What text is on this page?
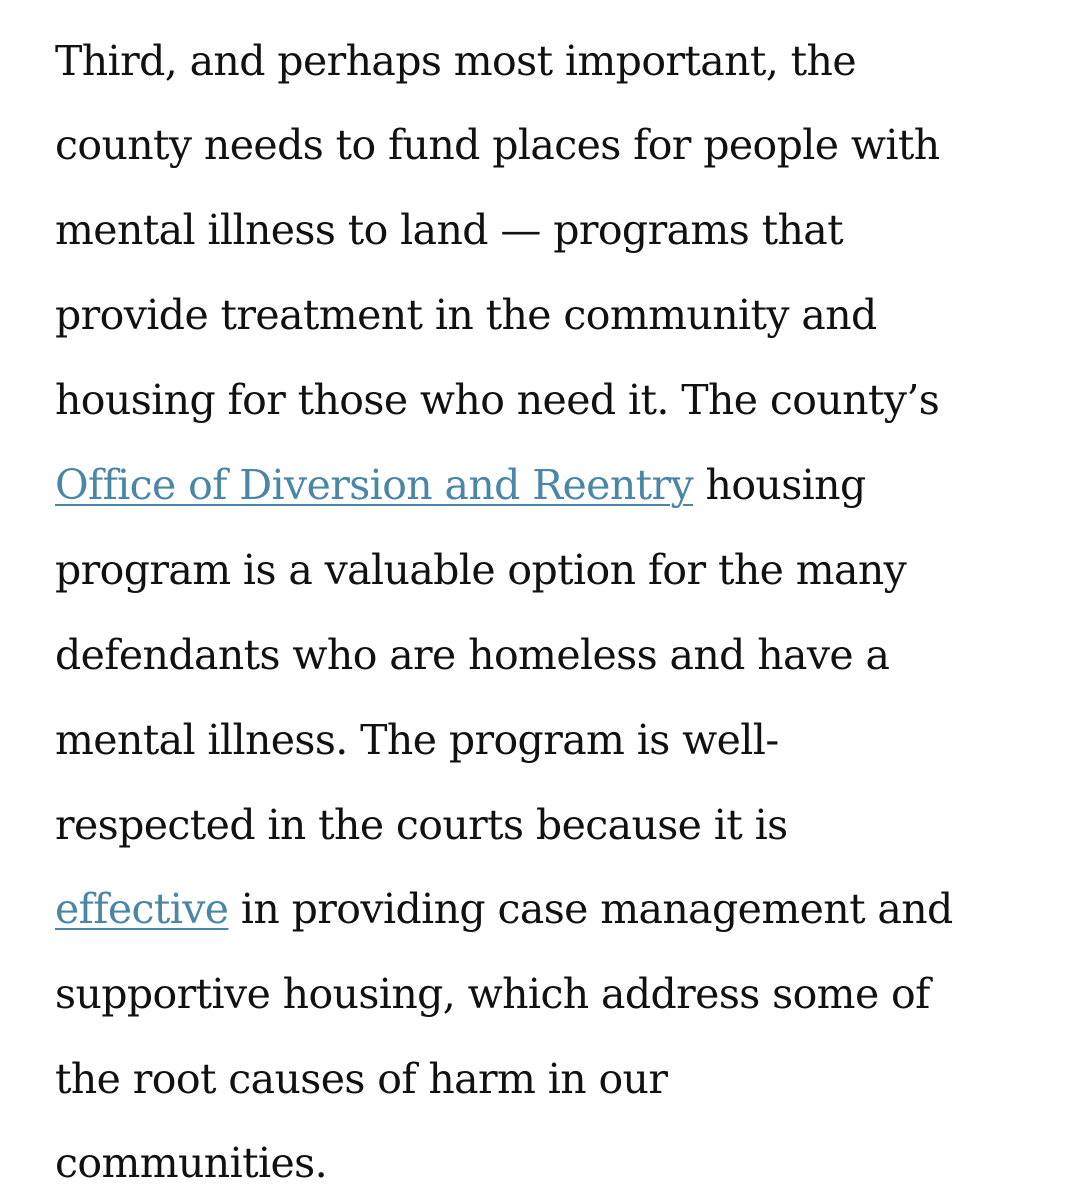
Third, and perhaps most important, the
county needs to fund places for people with
mental illness to land — programs that
provide treatment in the community and
housing for those who need it. The county’s
Office of Diversion and Reentry housing
program is a valuable option for the many
defendants who are homeless and have a
mental illness. The program is well-
respected in the courts because it is
effective in providing case management and
supportive housing, which address some of
the root causes of harm in our
communities.
